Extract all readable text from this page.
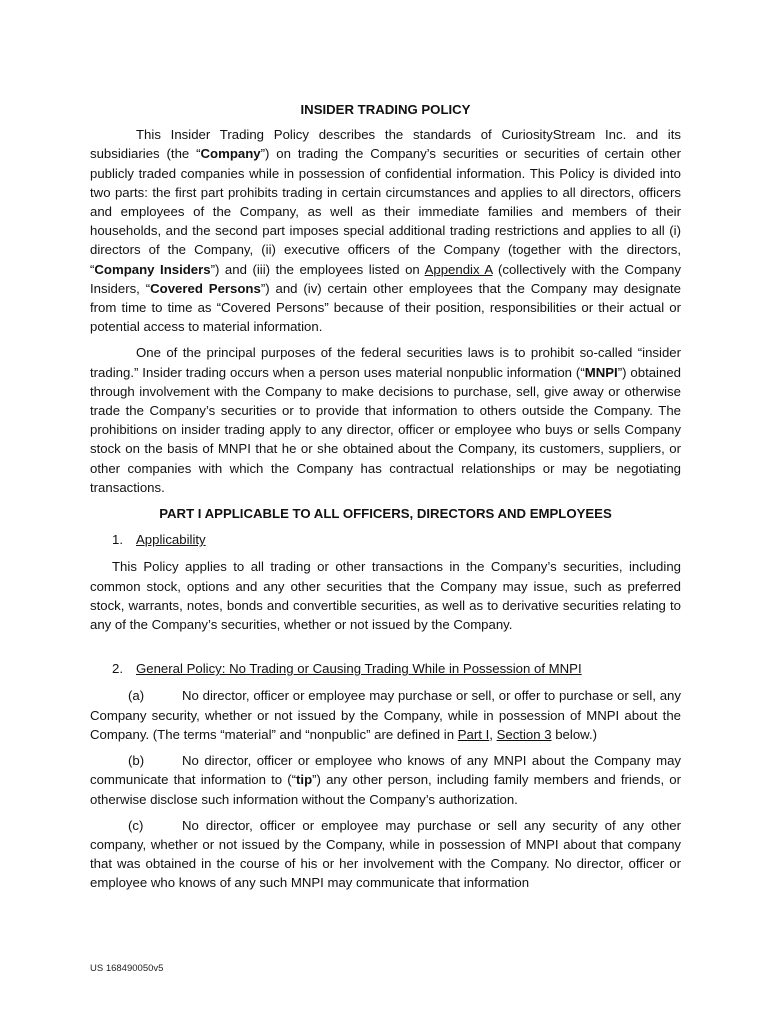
INSIDER TRADING POLICY

This Insider Trading Policy describes the standards of CuriosityStream Inc. and its subsidiaries (the “Company”) on trading the Company’s securities or securities of certain other publicly traded companies while in possession of confidential information. This Policy is divided into two parts: the first part prohibits trading in certain circumstances and applies to all directors, officers and employees of the Company, as well as their immediate families and members of their households, and the second part imposes special additional trading restrictions and applies to all (i) directors of the Company, (ii) executive officers of the Company (together with the directors, “Company Insiders”) and (iii) the employees listed on Appendix A (collectively with the Company Insiders, “Covered Persons”) and (iv) certain other employees that the Company may designate from time to time as “Covered Persons” because of their position, responsibilities or their actual or potential access to material information.

One of the principal purposes of the federal securities laws is to prohibit so-called “insider trading.” Insider trading occurs when a person uses material nonpublic information (“MNPI”) obtained through involvement with the Company to make decisions to purchase, sell, give away or otherwise trade the Company’s securities or to provide that information to others outside the Company. The prohibitions on insider trading apply to any director, officer or employee who buys or sells Company stock on the basis of MNPI that he or she obtained about the Company, its customers, suppliers, or other companies with which the Company has contractual relationships or may be negotiating transactions.

PART I APPLICABLE TO ALL OFFICERS, DIRECTORS AND EMPLOYEES

1. Applicability

This Policy applies to all trading or other transactions in the Company’s securities, including common stock, options and any other securities that the Company may issue, such as preferred stock, warrants, notes, bonds and convertible securities, as well as to derivative securities relating to any of the Company’s securities, whether or not issued by the Company.

2. General Policy: No Trading or Causing Trading While in Possession of MNPI

(a)	No director, officer or employee may purchase or sell, or offer to purchase or sell, any Company security, whether or not issued by the Company, while in possession of MNPI about the Company. (The terms “material” and “nonpublic” are defined in Part I, Section 3 below.)

(b)	No director, officer or employee who knows of any MNPI about the Company may communicate that information to (“tip”) any other person, including family members and friends, or otherwise disclose such information without the Company’s authorization.

(c)	No director, officer or employee may purchase or sell any security of any other company, whether or not issued by the Company, while in possession of MNPI about that company that was obtained in the course of his or her involvement with the Company. No director, officer or employee who knows of any such MNPI may communicate that information

US 168490050v5
